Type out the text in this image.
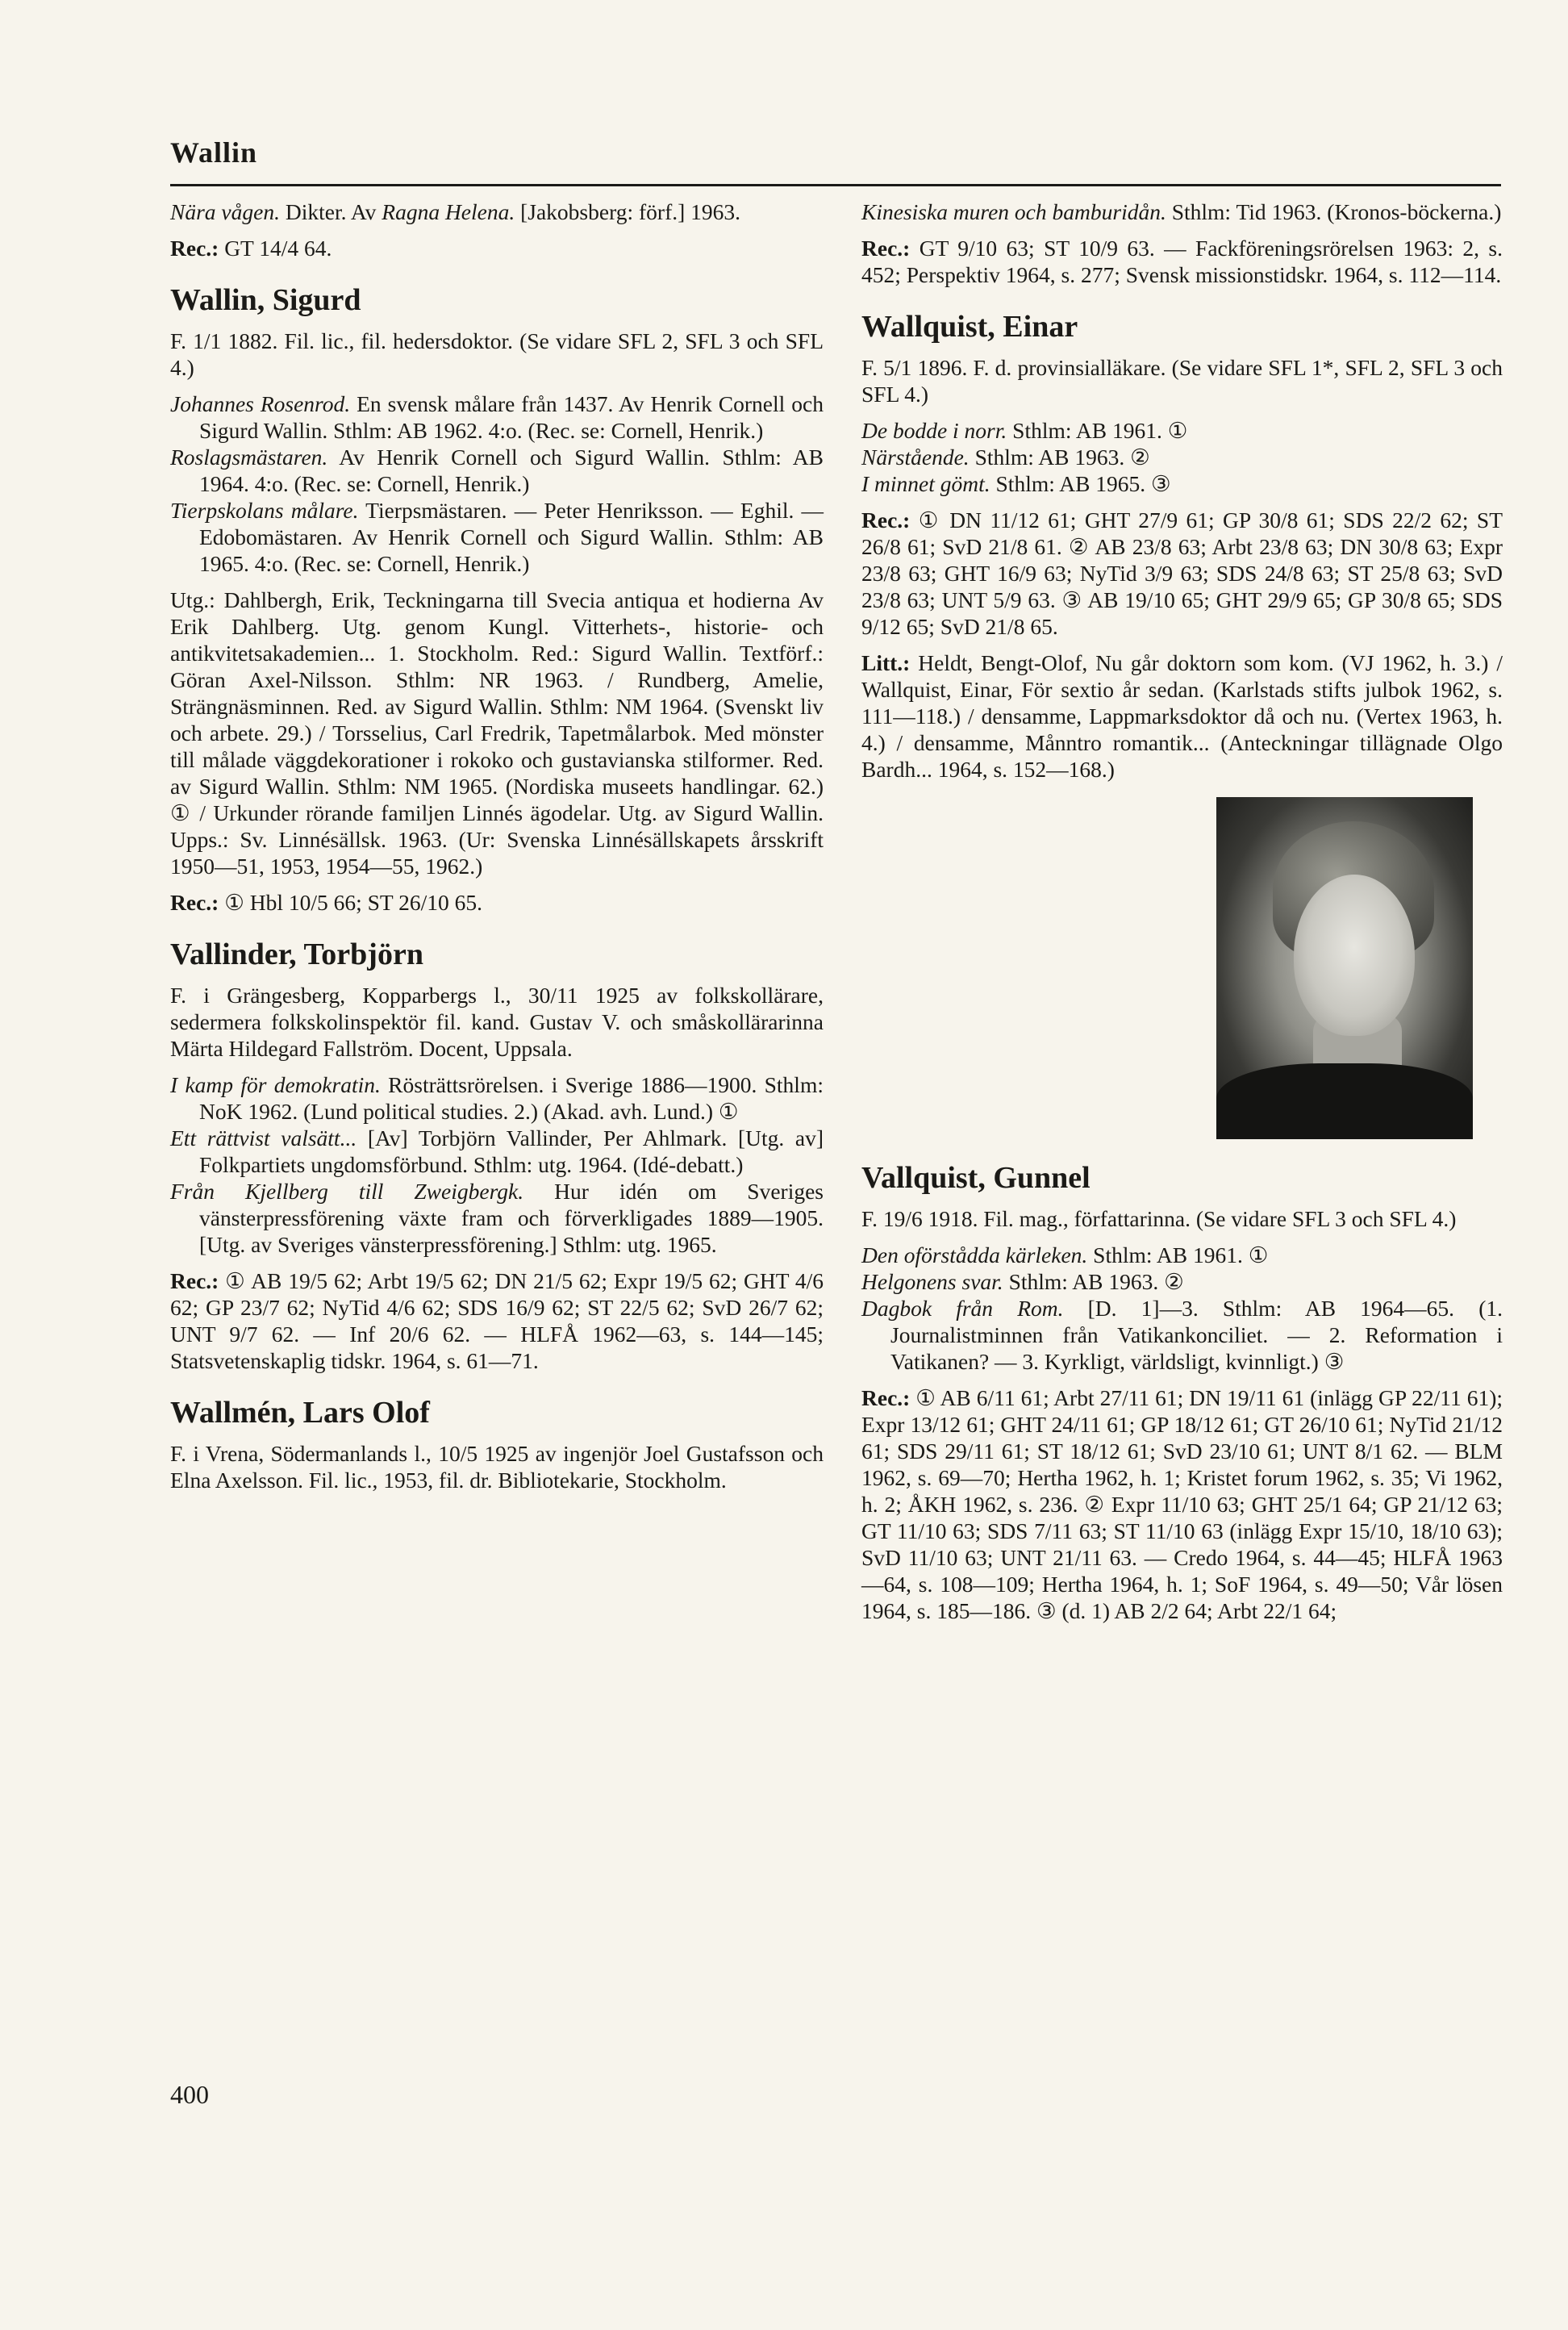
Wallin

Nära vågen. Dikter. Av Ragna Helena. [Jakobsberg: förf.] 1963.

Rec.: GT 14/4 64.

Wallin, Sigurd

F. 1/1 1882. Fil. lic., fil. hedersdoktor. (Se vidare SFL 2, SFL 3 och SFL 4.)

Johannes Rosenrod. En svensk målare från 1437. Av Henrik Cornell och Sigurd Wallin. Sthlm: AB 1962. 4:o. (Rec. se: Cornell, Henrik.)

Roslagsmästaren. Av Henrik Cornell och Sigurd Wallin. Sthlm: AB 1964. 4:o. (Rec. se: Cornell, Henrik.)

Tierpskolans målare. Tierpsmästaren. — Peter Henriksson. — Eghil. — Edobomästaren. Av Henrik Cornell och Sigurd Wallin. Sthlm: AB 1965. 4:o. (Rec. se: Cornell, Henrik.)

Utg.: Dahlbergh, Erik, Teckningarna till Svecia antiqua et hodierna Av Erik Dahlberg. Utg. genom Kungl. Vitterhets-, historie- och antikvitetsakademien... 1. Stockholm. Red.: Sigurd Wallin. Textförf.: Göran Axel-Nilsson. Sthlm: NR 1963. / Rundberg, Amelie, Strängnäsminnen. Red. av Sigurd Wallin. Sthlm: NM 1964. (Svenskt liv och arbete. 29.) / Torsselius, Carl Fredrik, Tapetmålarbok. Med mönster till målade väggdekorationer i rokoko och gustavianska stilformer. Red. av Sigurd Wallin. Sthlm: NM 1965. (Nordiska museets handlingar. 62.) ① / Urkunder rörande familjen Linnés ägodelar. Utg. av Sigurd Wallin. Upps.: Sv. Linnésällsk. 1963. (Ur: Svenska Linnésällskapets årsskrift 1950—51, 1953, 1954—55, 1962.)

Rec.: ① Hbl 10/5 66; ST 26/10 65.

Vallinder, Torbjörn

F. i Grängesberg, Kopparbergs l., 30/11 1925 av folkskollärare, sedermera folkskolinspektör fil. kand. Gustav V. och småskollärarinna Märta Hildegard Fallström. Docent, Uppsala.

I kamp för demokratin. Rösträttsrörelsen. i Sverige 1886—1900. Sthlm: NoK 1962. (Lund political studies. 2.) (Akad. avh. Lund.) ①

Ett rättvist valsätt... [Av] Torbjörn Vallinder, Per Ahlmark. [Utg. av] Folkpartiets ungdomsförbund. Sthlm: utg. 1964. (Idé-debatt.)

Från Kjellberg till Zweigbergk. Hur idén om Sveriges vänsterpressförening växte fram och förverkligades 1889—1905. [Utg. av Sveriges vänsterpressförening.] Sthlm: utg. 1965.

Rec.: ① AB 19/5 62; Arbt 19/5 62; DN 21/5 62; Expr 19/5 62; GHT 4/6 62; GP 23/7 62; NyTid 4/6 62; SDS 16/9 62; ST 22/5 62; SvD 26/7 62; UNT 9/7 62. — Inf 20/6 62. — HLFÅ 1962—63, s. 144—145; Statsvetenskaplig tidskr. 1964, s. 61—71.

Wallmén, Lars Olof

F. i Vrena, Södermanlands l., 10/5 1925 av ingenjör Joel Gustafsson och Elna Axelsson. Fil. lic., 1953, fil. dr. Bibliotekarie, Stockholm.

Kinesiska muren och bamburidån. Sthlm: Tid 1963. (Kronos-böckerna.)

Rec.: GT 9/10 63; ST 10/9 63. — Fackföreningsrörelsen 1963: 2, s. 452; Perspektiv 1964, s. 277; Svensk missionstidskr. 1964, s. 112—114.

Wallquist, Einar

F. 5/1 1896. F. d. provinsialläkare. (Se vidare SFL 1*, SFL 2, SFL 3 och SFL 4.)

De bodde i norr. Sthlm: AB 1961. ①

Närstående. Sthlm: AB 1963. ②

I minnet gömt. Sthlm: AB 1965. ③

Rec.: ① DN 11/12 61; GHT 27/9 61; GP 30/8 61; SDS 22/2 62; ST 26/8 61; SvD 21/8 61. ② AB 23/8 63; Arbt 23/8 63; DN 30/8 63; Expr 23/8 63; GHT 16/9 63; NyTid 3/9 63; SDS 24/8 63; ST 25/8 63; SvD 23/8 63; UNT 5/9 63. ③ AB 19/10 65; GHT 29/9 65; GP 30/8 65; SDS 9/12 65; SvD 21/8 65.

Litt.: Heldt, Bengt-Olof, Nu går doktorn som kom. (VJ 1962, h. 3.) / Wallquist, Einar, För sextio år sedan. (Karlstads stifts julbok 1962, s. 111—118.) / densamme, Lappmarksdoktor då och nu. (Vertex 1963, h. 4.) / densamme, Månntro romantik... (Anteckningar tillägnade Olgo Bardh... 1964, s. 152—168.)

Vallquist, Gunnel

F. 19/6 1918. Fil. mag., författarinna. (Se vidare SFL 3 och SFL 4.)

Den oförstådda kärleken. Sthlm: AB 1961. ①

Helgonens svar. Sthlm: AB 1963. ②

Dagbok från Rom. [D. 1]—3. Sthlm: AB 1964—65. (1. Journalistminnen från Vatikankonciliet. — 2. Reformation i Vatikanen? — 3. Kyrkligt, världsligt, kvinnligt.) ③

Rec.: ① AB 6/11 61; Arbt 27/11 61; DN 19/11 61 (inlägg GP 22/11 61); Expr 13/12 61; GHT 24/11 61; GP 18/12 61; GT 26/10 61; NyTid 21/12 61; SDS 29/11 61; ST 18/12 61; SvD 23/10 61; UNT 8/1 62. — BLM 1962, s. 69—70; Hertha 1962, h. 1; Kristet forum 1962, s. 35; Vi 1962, h. 2; ÅKH 1962, s. 236. ② Expr 11/10 63; GHT 25/1 64; GP 21/12 63; GT 11/10 63; SDS 7/11 63; ST 11/10 63 (inlägg Expr 15/10, 18/10 63); SvD 11/10 63; UNT 21/11 63. — Credo 1964, s. 44—45; HLFÅ 1963—64, s. 108—109; Hertha 1964, h. 1; SoF 1964, s. 49—50; Vår lösen 1964, s. 185—186. ③ (d. 1) AB 2/2 64; Arbt 22/1 64;

400
